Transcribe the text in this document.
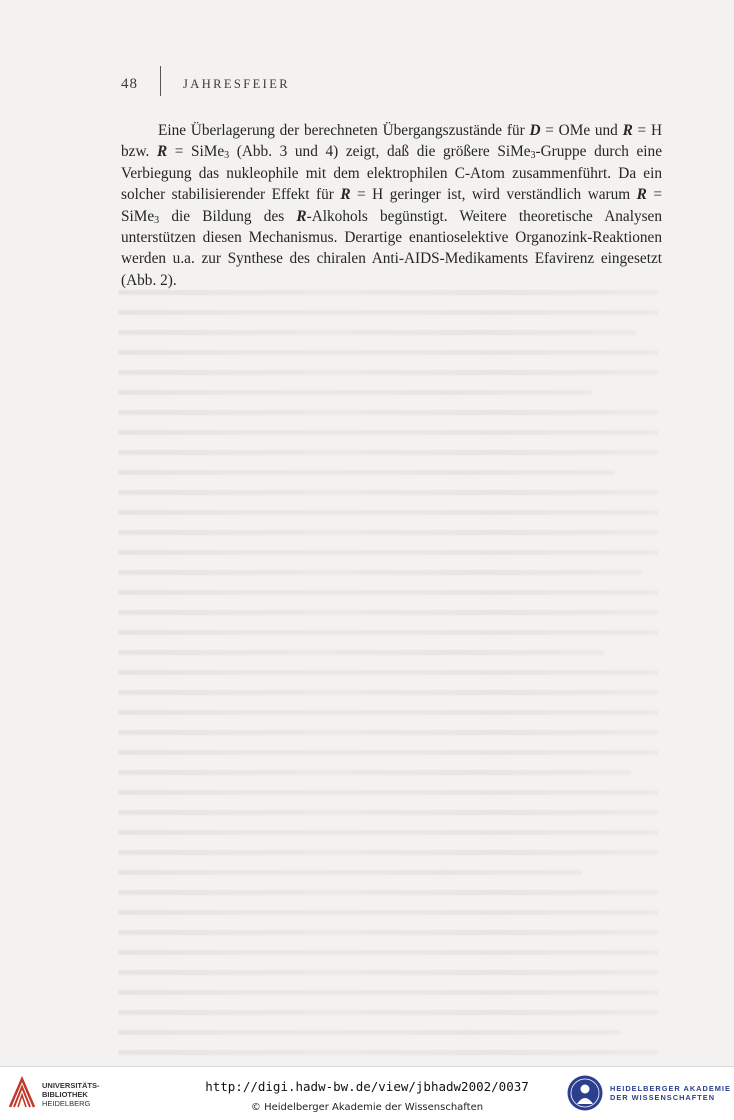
48	JAHRESFEIER

Eine Überlagerung der berechneten Übergangszustände für D = OMe und R = H bzw. R = SiMe$_3$ (Abb. 3 und 4) zeigt, daß die größere SiMe$_3$-Gruppe durch eine Verbiegung das nukleophile mit dem elektrophilen C-Atom zusammenführt. Da ein solcher stabilisierender Effekt für R = H geringer ist, wird verständlich warum R = SiMe$_3$ die Bildung des R-Alkohols begünstigt. Weitere theoretische Analysen unterstützen diesen Mechanismus. Derartige enantioselektive Organozink-Reaktionen werden u.a. zur Synthese des chiralen Anti-AIDS-Medikaments Efavirenz eingesetzt (Abb. 2).

UNIVERSITÄTS-
BIBLIOTHEK
HEIDELBERG
http://digi.hadw-bw.de/view/jbhadw2002/0037
© Heidelberger Akademie der Wissenschaften
HEIDELBERGER AKADEMIE
DER WISSENSCHAFTEN
